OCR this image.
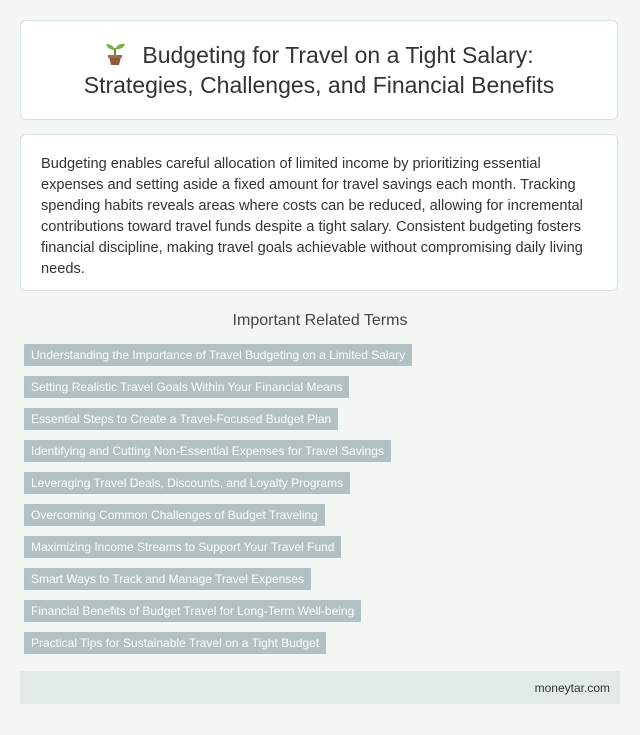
Budgeting for Travel on a Tight Salary:
Strategies, Challenges, and Financial Benefits

Budgeting enables careful allocation of limited income by prioritizing essential expenses and setting aside a fixed amount for travel savings each month. Tracking spending habits reveals areas where costs can be reduced, allowing for incremental contributions toward travel funds despite a tight salary. Consistent budgeting fosters financial discipline, making travel goals achievable without compromising daily living needs.

Important Related Terms
Understanding the Importance of Travel Budgeting on a Limited Salary
Setting Realistic Travel Goals Within Your Financial Means
Essential Steps to Create a Travel-Focused Budget Plan
Identifying and Cutting Non-Essential Expenses for Travel Savings
Leveraging Travel Deals, Discounts, and Loyalty Programs
Overcoming Common Challenges of Budget Traveling
Maximizing Income Streams to Support Your Travel Fund
Smart Ways to Track and Manage Travel Expenses
Financial Benefits of Budget Travel for Long-Term Well-being
Practical Tips for Sustainable Travel on a Tight Budget
moneytar.com
